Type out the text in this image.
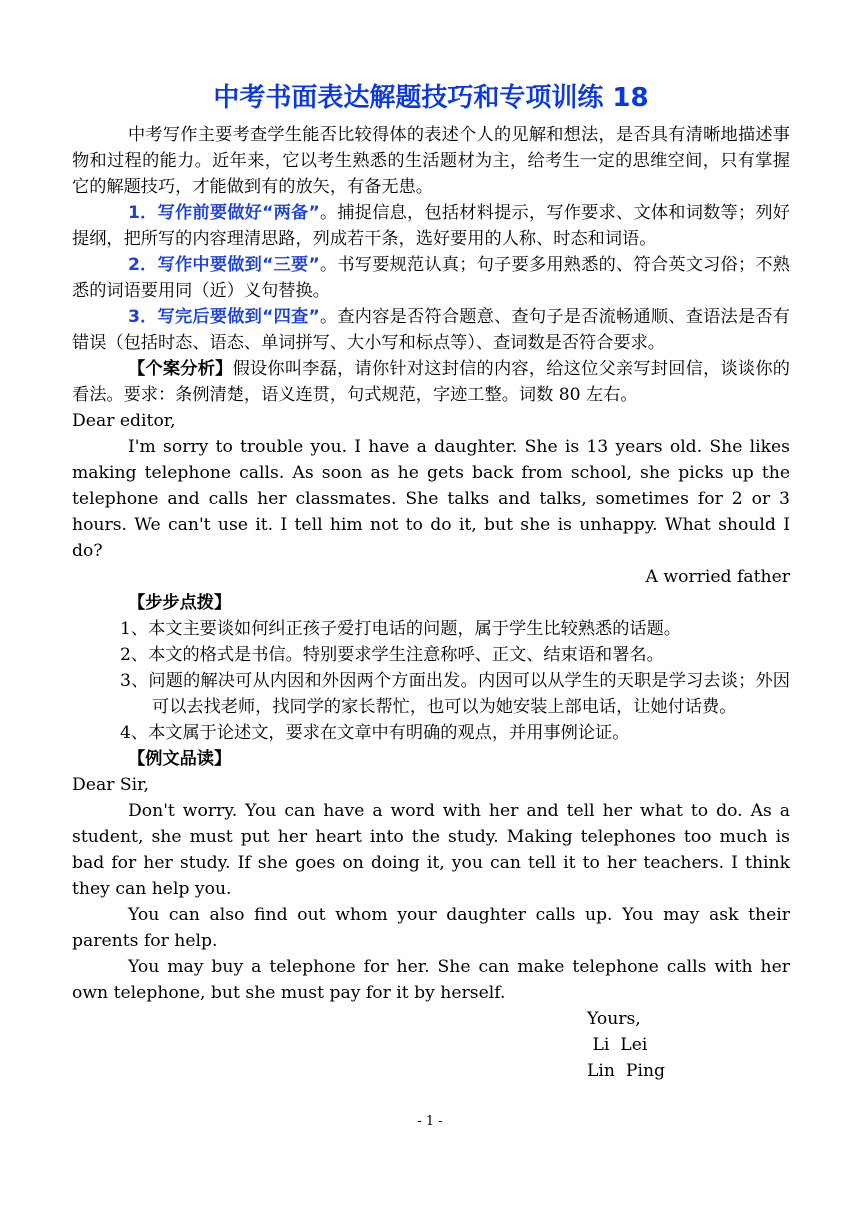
中考书面表达解题技巧和专项训练 18

中考写作主要考查学生能否比较得体的表述个人的见解和想法，是否具有清晰地描述事物和过程的能力。近年来，它以考生熟悉的生活题材为主，给考生一定的思维空间，只有掌握它的解题技巧，才能做到有的放矢，有备无患。

1．写作前要做好“两备”。捕捉信息，包括材料提示，写作要求、文体和词数等；列好提纲，把所写的内容理清思路，列成若干条，选好要用的人称、时态和词语。

2．写作中要做到“三要”。书写要规范认真；句子要多用熟悉的、符合英文习俗；不熟悉的词语要用同（近）义句替换。

3．写完后要做到“四查”。查内容是否符合题意、查句子是否流畅通顺、查语法是否有错误（包括时态、语态、单词拼写、大小写和标点等）、查词数是否符合要求。

【个案分析】假设你叫李磊，请你针对这封信的内容，给这位父亲写封回信，谈谈你的看法。要求：条例清楚，语义连贯，句式规范，字迹工整。词数 80 左右。

Dear editor,

I'm sorry to trouble you. I have a daughter. She is 13 years old. She likes making telephone calls. As soon as he gets back from school, she picks up the telephone and calls her classmates. She talks and talks, sometimes for 2 or 3 hours. We can't use it. I tell him not to do it, but she is unhappy. What should I do?

A worried father

【步步点拨】

1、本文主要谈如何纠正孩子爱打电话的问题，属于学生比较熟悉的话题。

2、本文的格式是书信。特别要求学生注意称呼、正文、结束语和署名。

3、问题的解决可从内因和外因两个方面出发。内因可以从学生的天职是学习去谈；外因可以去找老师，找同学的家长帮忙，也可以为她安装上部电话，让她付话费。

4、本文属于论述文，要求在文章中有明确的观点，并用事例论证。

【例文品读】

Dear Sir,

Don't worry. You can have a word with her and tell her what to do. As a student, she must put her heart into the study. Making telephones too much is bad for her study. If she goes on doing it, you can tell it to her teachers. I think they can help you.

You can also find out whom your daughter calls up. You may ask their parents for help.

You may buy a telephone for her. She can make telephone calls with her own telephone, but she must pay for it by herself.

Yours,

Li  Lei

Lin  Ping

- 1 -
